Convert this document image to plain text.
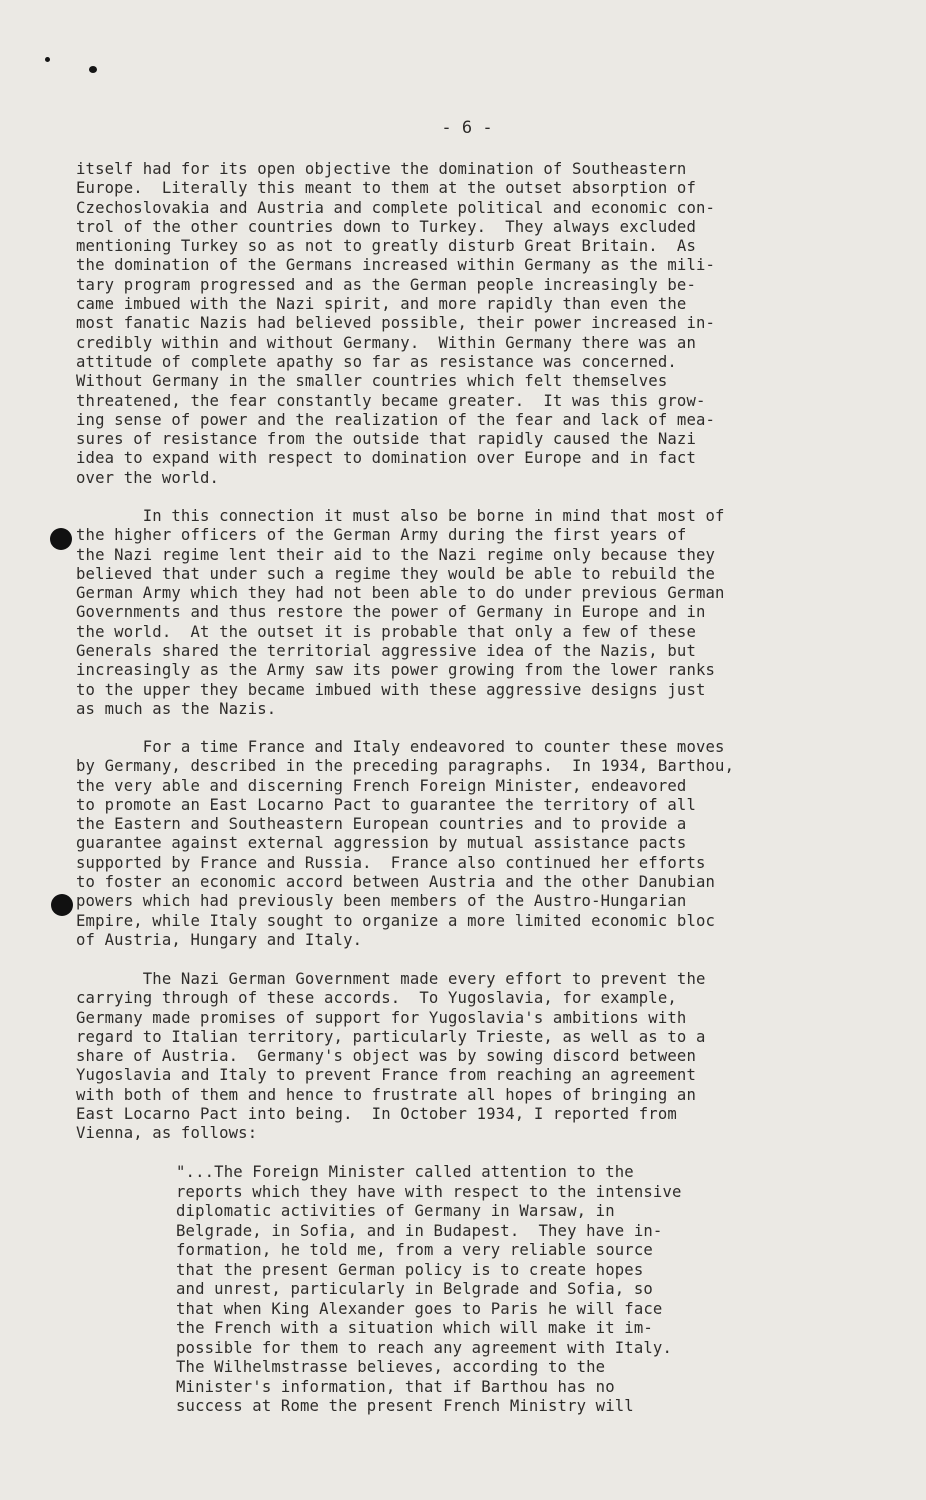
- 6 -

itself had for its open objective the domination of Southeastern
Europe.  Literally this meant to them at the outset absorption of
Czechoslovakia and Austria and complete political and economic con-
trol of the other countries down to Turkey.  They always excluded
mentioning Turkey so as not to greatly disturb Great Britain.  As
the domination of the Germans increased within Germany as the mili-
tary program progressed and as the German people increasingly be-
came imbued with the Nazi spirit, and more rapidly than even the
most fanatic Nazis had believed possible, their power increased in-
credibly within and without Germany.  Within Germany there was an
attitude of complete apathy so far as resistance was concerned.
Without Germany in the smaller countries which felt themselves
threatened, the fear constantly became greater.  It was this grow-
ing sense of power and the realization of the fear and lack of mea-
sures of resistance from the outside that rapidly caused the Nazi
idea to expand with respect to domination over Europe and in fact
over the world.

In this connection it must also be borne in mind that most of
the higher officers of the German Army during the first years of
the Nazi regime lent their aid to the Nazi regime only because they
believed that under such a regime they would be able to rebuild the
German Army which they had not been able to do under previous German
Governments and thus restore the power of Germany in Europe and in
the world.  At the outset it is probable that only a few of these
Generals shared the territorial aggressive idea of the Nazis, but
increasingly as the Army saw its power growing from the lower ranks
to the upper they became imbued with these aggressive designs just
as much as the Nazis.

For a time France and Italy endeavored to counter these moves
by Germany, described in the preceding paragraphs.  In 1934, Barthou,
the very able and discerning French Foreign Minister, endeavored
to promote an East Locarno Pact to guarantee the territory of all
the Eastern and Southeastern European countries and to provide a
guarantee against external aggression by mutual assistance pacts
supported by France and Russia.  France also continued her efforts
to foster an economic accord between Austria and the other Danubian
powers which had previously been members of the Austro-Hungarian
Empire, while Italy sought to organize a more limited economic bloc
of Austria, Hungary and Italy.

The Nazi German Government made every effort to prevent the
carrying through of these accords.  To Yugoslavia, for example,
Germany made promises of support for Yugoslavia's ambitions with
regard to Italian territory, particularly Trieste, as well as to a
share of Austria.  Germany's object was by sowing discord between
Yugoslavia and Italy to prevent France from reaching an agreement
with both of them and hence to frustrate all hopes of bringing an
East Locarno Pact into being.  In October 1934, I reported from
Vienna, as follows:

"...The Foreign Minister called attention to the
reports which they have with respect to the intensive
diplomatic activities of Germany in Warsaw, in
Belgrade, in Sofia, and in Budapest.  They have in-
formation, he told me, from a very reliable source
that the present German policy is to create hopes
and unrest, particularly in Belgrade and Sofia, so
that when King Alexander goes to Paris he will face
the French with a situation which will make it im-
possible for them to reach any agreement with Italy.
The Wilhelmstrasse believes, according to the
Minister's information, that if Barthou has no
success at Rome the present French Ministry will
